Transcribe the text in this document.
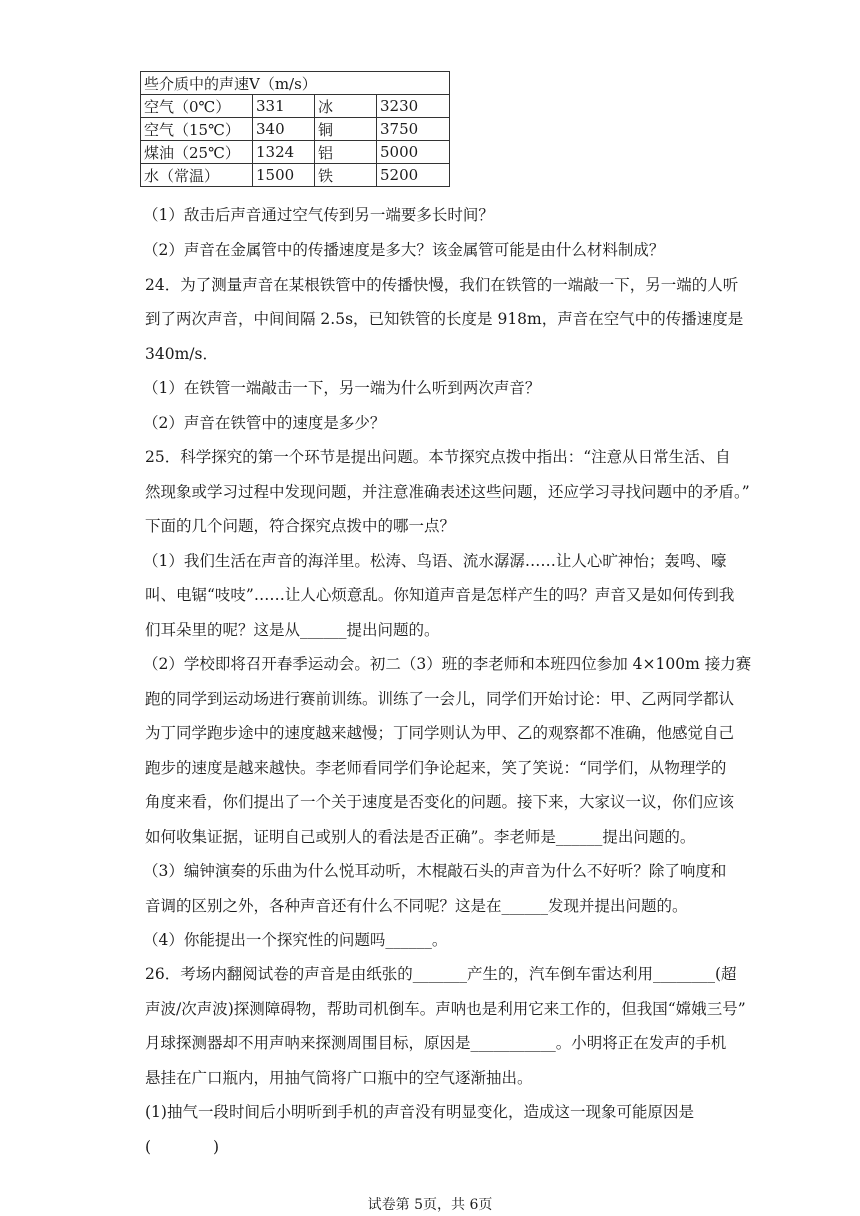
些介质中的声速V（m/s）			
空气（0℃）	331	冰	3230
空气（15℃）	340	铜	3750
煤油（25℃）	1324	铝	5000
水（常温）	1500	铁	5200
（1）敌击后声音通过空气传到另一端要多长时间？
（2）声音在金属管中的传播速度是多大？该金属管可能是由什么材料制成？
24．为了测量声音在某根铁管中的传播快慢，我们在铁管的一端敲一下，另一端的人听
到了两次声音，中间间隔 2.5s，已知铁管的长度是 918m，声音在空气中的传播速度是
340m/s．
（1）在铁管一端敲击一下，另一端为什么听到两次声音？
（2）声音在铁管中的速度是多少？
25．科学探究的第一个环节是提出问题。本节探究点拨中指出：“注意从日常生活、自
然现象或学习过程中发现问题，并注意准确表述这些问题，还应学习寻找问题中的矛盾。”
下面的几个问题，符合探究点拨中的哪一点？
（1）我们生活在声音的海洋里。松涛、鸟语、流水潺潺……让人心旷神怡；轰鸣、嚎
叫、电锯“吱吱”……让人心烦意乱。你知道声音是怎样产生的吗？声音又是如何传到我
们耳朵里的呢？这是从______提出问题的。
（2）学校即将召开春季运动会。初二（3）班的李老师和本班四位参加 4×100m 接力赛
跑的同学到运动场进行赛前训练。训练了一会儿，同学们开始讨论：甲、乙两同学都认
为丁同学跑步途中的速度越来越慢；丁同学则认为甲、乙的观察都不准确，他感觉自己
跑步的速度是越来越快。李老师看同学们争论起来，笑了笑说：“同学们，从物理学的
角度来看，你们提出了一个关于速度是否变化的问题。接下来，大家议一议，你们应该
如何收集证据，证明自己或别人的看法是否正确”。李老师是______提出问题的。
（3）编钟演奏的乐曲为什么悦耳动听，木棍敲石头的声音为什么不好听？除了响度和
音调的区别之外，各种声音还有什么不同呢？这是在______发现并提出问题的。
（4）你能提出一个探究性的问题吗______。
26．考场内翻阅试卷的声音是由纸张的_______产生的，汽车倒车雷达利用________(超
声波/次声波)探测障碍物，帮助司机倒车。声呐也是利用它来工作的，但我国“嫦娥三号”
月球探测器却不用声呐来探测周围目标，原因是___________。小明将正在发声的手机
悬挂在广口瓶内，用抽气筒将广口瓶中的空气逐渐抽出。
(1)抽气一段时间后小明听到手机的声音没有明显变化，造成这一现象可能原因是
(　　　　)
试卷第 5页，共 6页
